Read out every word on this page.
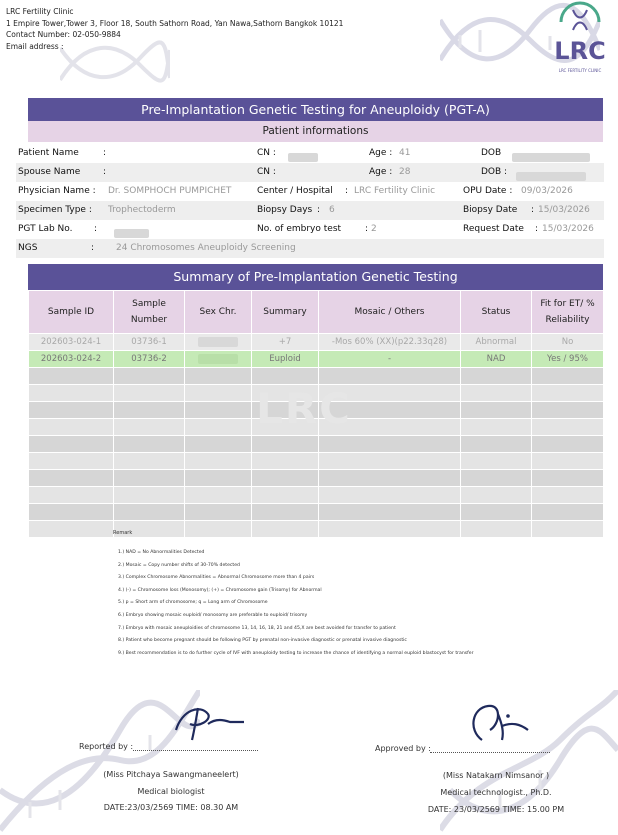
LRC Fertility Clinic
1 Empire Tower,Tower 3, Floor 18, South Sathorn Road, Yan Nawa,Sathorn Bangkok 10121
Contact Number: 02-050-9884
Email address :	LRC
LRC FERTILITY CLINIC
Pre-Implantation Genetic Testing for Aneuploidy (PGT-A)
Patient informations
Patient Name	:	CN :	Age : 41	DOB
Spouse Name	:	CN :	Age : 28	DOB :
Physician Name : Dr. SOMPHOCH PUMPICHET	Center / Hospital : LRC Fertility Clinic	OPU Date : 09/03/2026
Specimen Type : Trophectoderm	Biopsy Days : 6	Biopsy Date : 15/03/2026
PGT Lab No. :	No. of embryo test	: 2	Request Date : 15/03/2026
NGS	: 24 Chromosomes Aneuploidy Screening
Summary of Pre-Implantation Genetic Testing
Sample ID	Sample Number	Sex Chr.	Summary	Mosaic / Others	Status	Fit for ET/ % Reliability
202603-024-1	03736-1		+7	-Mos 60% (XX)(p22.33q28)	Abnormal	No
202603-024-2	03736-2		Euploid	-	NAD	Yes / 95%

LRC
Remark
1.) NAD = No Abnormalities Detected
2.) Mosaic = Copy number shifts of 30-70% detected
3.) Complex Chromosome Abnormalities = Abnormal Chromosome more than 4 pairs
4.) (-) = Chromosome loss (Monosomy); (+) = Chromosome gain (Trisomy) for Abnormal
5.) p = Short arm of chromosome; q = Long arm of Chromosome
6.) Embryo showing mosaic euploid/ monosomy are preferable to euploid/ trisomy
7.) Embryo with mosaic aneuploidies of chromosome 13, 14, 16, 18, 21 and 45,X are best avoided for transfer to patient
8.) Patient who become pregnant should be following PGT by prenatal non-invasive diagnostic or prenatal invasive diagnostic
9.) Best recommendation is to do further cycle of IVF with aneuploidy testing to increase the chance of identifying a normal euploid blastocyst for transfer
Reported by :
(Miss Pitchaya Sawangmaneelert)
Medical biologist
DATE:23/03/2569 TIME: 08.30 AM
Approved by :
(Miss Natakarn Nimsanor )
Medical technologist., Ph.D.
DATE: 23/03/2569 TIME: 15.00 PM
